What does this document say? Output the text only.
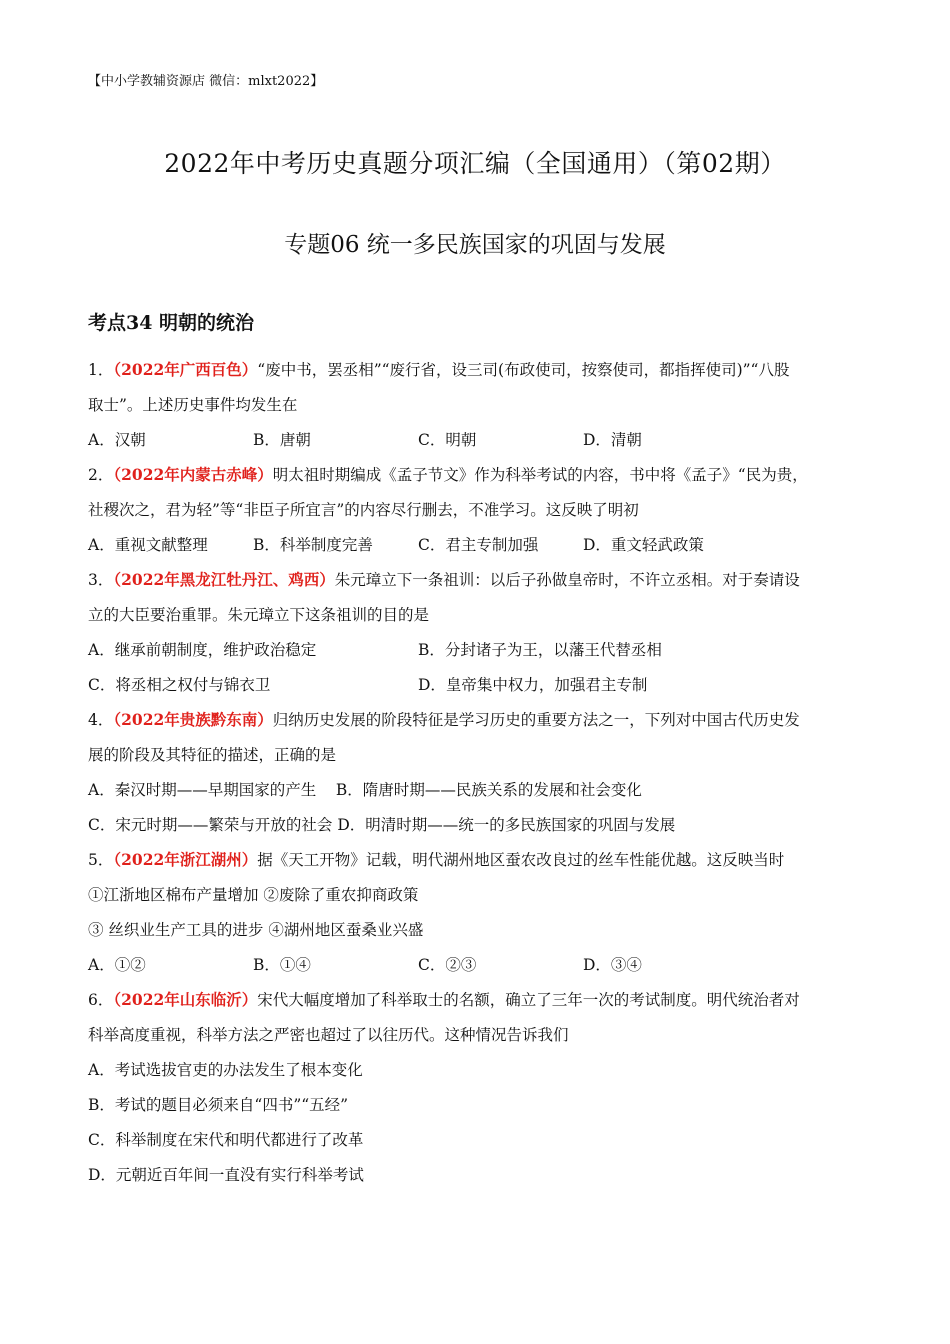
【中小学教辅资源店 微信：mlxt2022】
2022年中考历史真题分项汇编（全国通用）（第02期）
专题06 统一多民族国家的巩固与发展
考点34 明朝的统治
1．（2022年广西百色）“废中书，罢丞相”“废行省，设三司(布政使司，按察使司，都指挥使司)”“八股
取士”。上述历史事件均发生在
A．汉朝	B．唐朝	C．明朝	D．清朝
2．（2022年内蒙古赤峰）明太祖时期编成《孟子节文》作为科举考试的内容，书中将《孟子》“民为贵，
社稷次之，君为轻”等“非臣子所宜言”的内容尽行删去，不准学习。这反映了明初
A．重视文献整理	B．科举制度完善	C．君主专制加强	D．重文轻武政策
3．（2022年黑龙江牡丹江、鸡西）朱元璋立下一条祖训：以后子孙做皇帝时，不许立丞相。对于奏请设
立的大臣要治重罪。朱元璋立下这条祖训的目的是
A．继承前朝制度，维护政治稳定	B．分封诸子为王，以藩王代替丞相
C．将丞相之权付与锦衣卫	D．皇帝集中权力，加强君主专制
4．（2022年贵族黔东南）归纳历史发展的阶段特征是学习历史的重要方法之一，下列对中国古代历史发
展的阶段及其特征的描述，正确的是
A．秦汉时期——早期国家的产生 B．隋唐时期——民族关系的发展和社会变化
C．宋元时期——繁荣与开放的社会 D．明清时期——统一的多民族国家的巩固与发展
5．（2022年浙江湖州）据《天工开物》记载，明代湖州地区蚕农改良过的丝车性能优越。这反映当时
①江浙地区棉布产量增加 ②废除了重农抑商政策
③ 丝织业生产工具的进步 ④湖州地区蚕桑业兴盛
A．①②	B．①④	C．②③	D．③④
6．（2022年山东临沂）宋代大幅度增加了科举取士的名额，确立了三年一次的考试制度。明代统治者对
科举高度重视，科举方法之严密也超过了以往历代。这种情况告诉我们
A．考试选拔官吏的办法发生了根本变化
B．考试的题目必须来自“四书”“五经”
C．科举制度在宋代和明代都进行了改革
D．元朝近百年间一直没有实行科举考试
